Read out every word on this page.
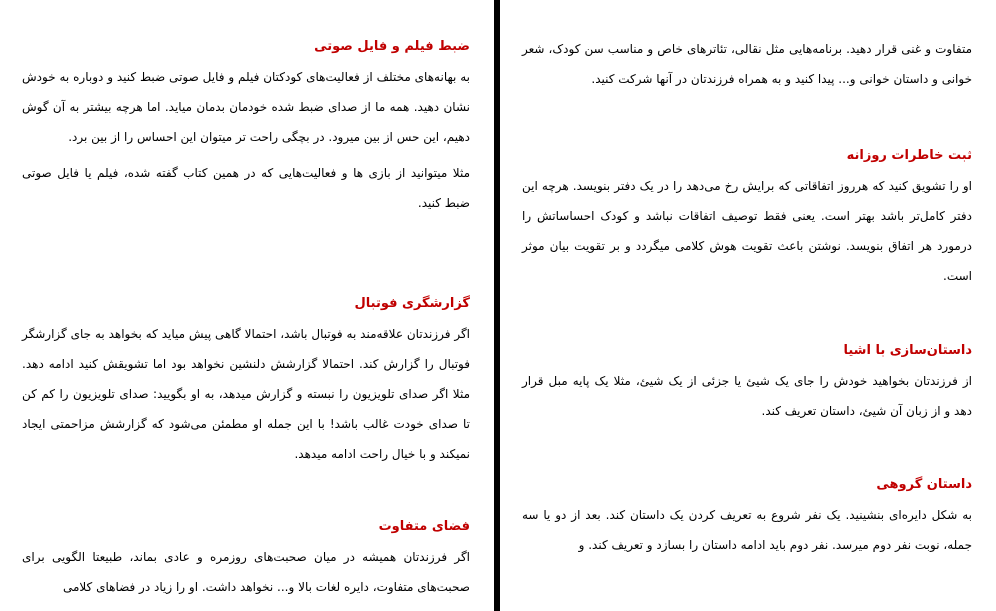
ضبط فیلم و فایل صوتی

به بهانه‌های مختلف از فعالیت‌های کودکتان فیلم و فایل صوتی ضبط کنید و دوباره به خودش نشان دهید. همه ما از صدای ضبط شده خودمان بدمان میاید. اما هرچه بیشتر به آن گوش دهیم، این حس از بین میرود. در بچگی راحت تر میتوان این احساس را از بین برد.

مثلا میتوانید از بازی ها و فعالیت‌هایی که در همین کتاب گفته شده، فیلم یا فایل صوتی ضبط کنید.

گزارشگری فوتبال

اگر فرزندتان علاقه‌مند به فوتبال باشد، احتمالا گاهی پیش میاید که بخواهد به جای گزارشگر فوتبال را گزارش کند. احتمالا گزارشش دلنشین نخواهد بود اما تشویقش کنید ادامه دهد. مثلا اگر صدای تلویزیون را نبسته و گزارش میدهد، به او بگویید: صدای تلویزیون را کم کن تا صدای خودت غالب باشد! با این جمله او مطمئن می‌شود که گزارشش مزاحمتی ایجاد نمیکند و با خیال راحت ادامه میدهد.

فضای متفاوت

اگر فرزندتان همیشه در میان صحبت‌های روزمره و عادی بماند، طبیعتا الگویی برای صحبت‌های متفاوت، دایره لغات بالا و... نخواهد داشت. او را زیاد در فضاهای کلامی

متفاوت و غنی قرار دهید. برنامه‌هایی مثل نقالی، تئاترهای خاص و مناسب سن کودک، شعر خوانی و داستان خوانی و... پیدا کنید و به همراه فرزندتان در آنها شرکت کنید.

ثبت خاطرات روزانه

او را تشویق کنید که هرروز اتفاقاتی که برایش رخ می‌دهد را در یک دفتر بنویسد. هرچه این دفتر کامل‌تر باشد بهتر است. یعنی فقط توصیف اتفاقات نباشد و کودک احساساتش را درمورد هر اتفاق بنویسد. نوشتن باعث تقویت هوش کلامی میگردد و بر تقویت بیان موثر است.

داستان‌سازی با اشیا

از فرزندتان بخواهید خودش را جای یک شیئ یا جزئی از یک شیئ، مثلا یک پایه مبل قرار دهد و از زبان آن شیئ، داستان تعریف کند.

داستان گروهی

به شکل دایره‌ای بنشینید. یک نفر شروع به تعریف کردن یک داستان کند. بعد از دو یا سه جمله، نوبت نفر دوم میرسد. نفر دوم باید ادامه داستان را بسازد و تعریف کند. و
